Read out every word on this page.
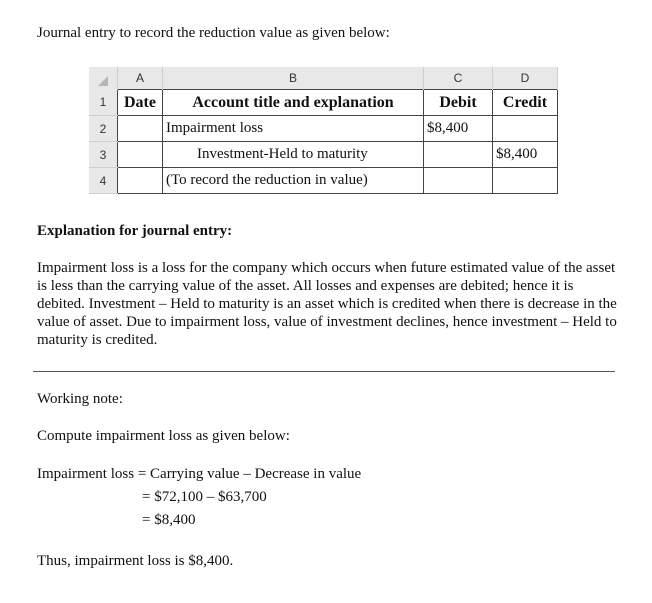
Journal entry to record the reduction value as given below:
	A	B	C	D
1	Date	Account title and explanation	Debit	Credit
2		Impairment loss	$8,400	
3		Investment-Held to maturity		$8,400
4		(To record the reduction in value)		
Explanation for journal entry:

Impairment loss is a loss for the company which occurs when future estimated value of the asset is less than the carrying value of the asset. All losses and expenses are debited; hence it is debited. Investment – Held to maturity is an asset which is credited when there is decrease in the value of asset. Due to impairment loss, value of investment declines, hence investment – Held to maturity is credited.

Working note:
Compute impairment loss as given below:
Impairment loss = Carrying value – Decrease in value
= $72,100 – $63,700
= $8,400
Thus, impairment loss is $8,400.
